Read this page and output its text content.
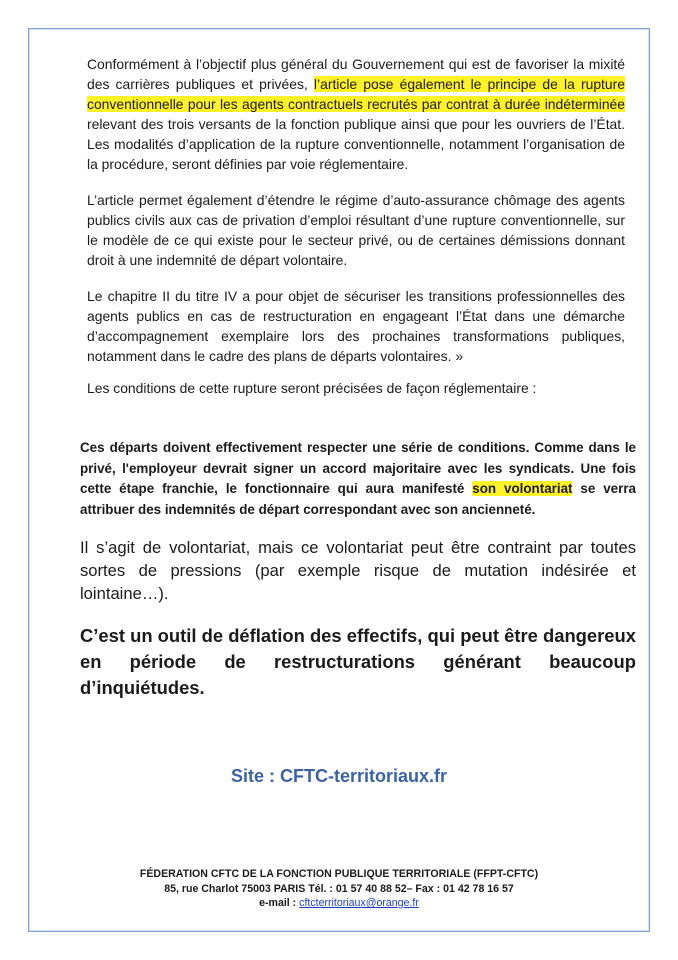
Conformément à l’objectif plus général du Gouvernement qui est de favoriser la mixité des carrières publiques et privées, l’article pose également le principe de la rupture conventionnelle pour les agents contractuels recrutés par contrat à durée indéterminée relevant des trois versants de la fonction publique ainsi que pour les ouvriers de l’État. Les modalités d’application de la rupture conventionnelle, notamment l’organisation de la procédure, seront définies par voie réglementaire.

L’article permet également d’étendre le régime d’auto-assurance chômage des agents publics civils aux cas de privation d’emploi résultant d’une rupture conventionnelle, sur le modèle de ce qui existe pour le secteur privé, ou de certaines démissions donnant droit à une indemnité de départ volontaire.

Le chapitre II du titre IV a pour objet de sécuriser les transitions professionnelles des agents publics en cas de restructuration en engageant l’État dans une démarche d’accompagnement exemplaire lors des prochaines transformations publiques, notamment dans le cadre des plans de départs volontaires. »

Les conditions de cette rupture seront précisées de façon réglementaire :

Ces départs doivent effectivement respecter une série de conditions. Comme dans le privé, l'employeur devrait signer un accord majoritaire avec les syndicats. Une fois cette étape franchie, le fonctionnaire qui aura manifesté son volontariat se verra attribuer des indemnités de départ correspondant avec son ancienneté.

Il s’agit de volontariat, mais ce volontariat peut être contraint par toutes sortes de pressions (par exemple risque de mutation indésirée et lointaine…).

C’est un outil de déflation des effectifs, qui peut être dangereux en période de restructurations générant beaucoup d’inquiétudes.

Site : CFTC-territoriaux.fr
FÉDERATION CFTC DE LA FONCTION PUBLIQUE TERRITORIALE (FFPT-CFTC)
85, rue Charlot 75003 PARIS Tél. : 01 57 40 88 52– Fax : 01 42 78 16 57
e-mail : cftcterritoriaux@orange.fr
